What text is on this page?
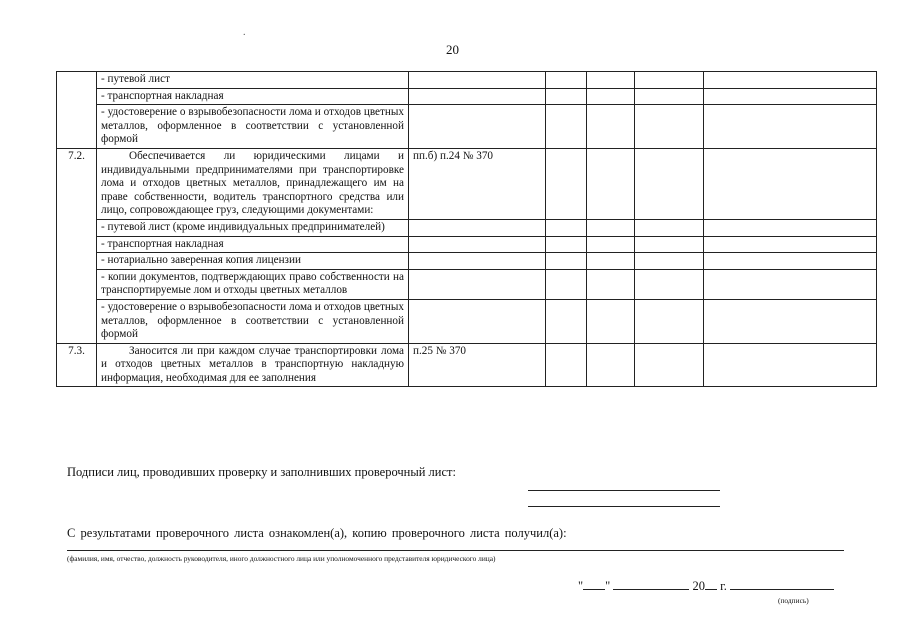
20
.
	- путевой лист					
	- транспортная накладная					
	- удостоверение о взрывобезопасности лома и отходов цветных металлов, оформленное в соответствии с установленной формой					
7.2.	Обеспечивается ли юридическими лицами и индивидуальными предпринимателями при транспортировке лома и отходов цветных металлов, принадлежащего им на праве собственности, водитель транспортного средства или лицо, сопровождающее груз, следующими документами:	пп.б) п.24 № 370				
	- путевой лист (кроме индивидуальных предпринимателей)					
	- транспортная накладная					
	- нотариально заверенная копия лицензии					
	- копии документов, подтверждающих право собственности на транспортируемые лом и отходы цветных металлов					
	- удостоверение о взрывобезопасности лома и отходов цветных металлов, оформленное в соответствии с установленной формой					
7.3.	Заносится ли при каждом случае транспортировки лома и отходов цветных металлов в транспортную накладную информация, необходимая для ее заполнения	п.25 № 370				
Подписи лиц, проводивших проверку и заполнивших проверочный лист:
С результатами проверочного листа ознакомлен(а), копию проверочного листа получил(а):
(фамилия, имя, отчество, должность руководителя, иного должностного лица или уполномоченного представителя юридического лица)
" "	20 г.
(подпись)
